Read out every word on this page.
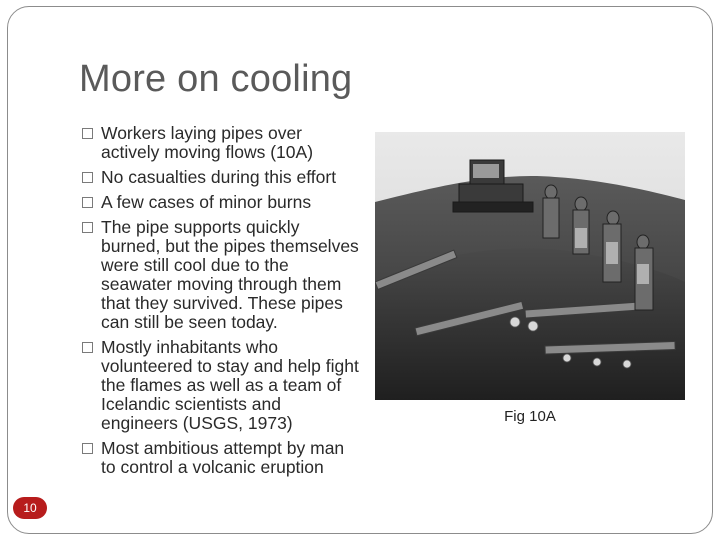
More on cooling
Workers laying pipes over actively moving flows (10A)
No casualties during this effort
A few cases of minor burns
The pipe supports quickly burned, but the pipes themselves were still cool due to the seawater moving through them that they survived. These pipes can still be seen today.
Mostly inhabitants who volunteered to stay and help fight the flames as well as a team of Icelandic scientists and engineers (USGS, 1973)
Most ambitious attempt by man to control a volcanic eruption
Fig 10A
10
